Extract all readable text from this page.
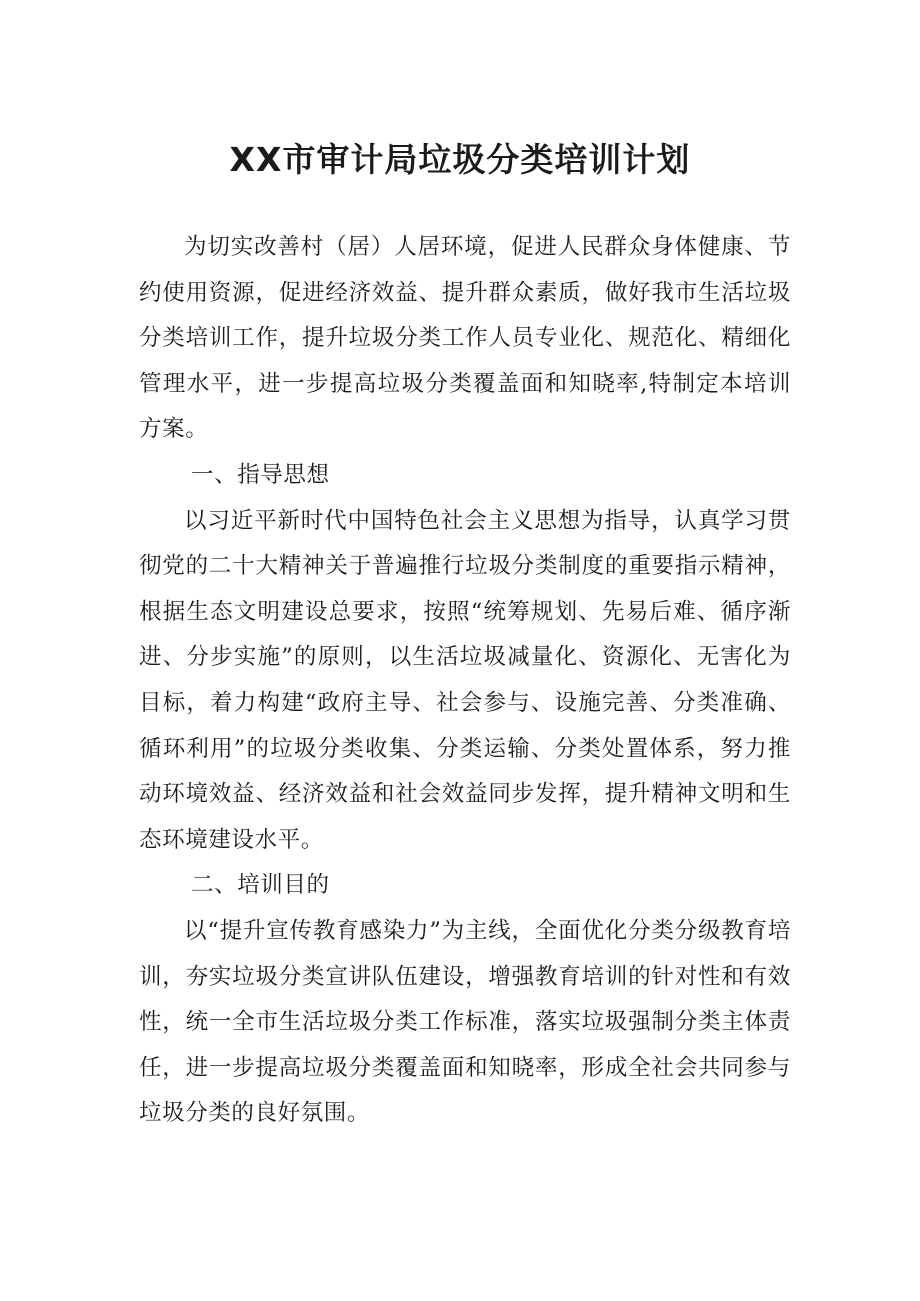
XX市审计局垃圾分类培训计划

为切实改善村（居）人居环境，促进人民群众身体健康、节约使用资源，促进经济效益、提升群众素质，做好我市生活垃圾分类培训工作，提升垃圾分类工作人员专业化、规范化、精细化管理水平，进一步提高垃圾分类覆盖面和知晓率,特制定本培训方案。

一、指导思想

以习近平新时代中国特色社会主义思想为指导，认真学习贯彻党的二十大精神关于普遍推行垃圾分类制度的重要指示精神，根据生态文明建设总要求，按照“统筹规划、先易后难、循序渐进、分步实施”的原则，以生活垃圾减量化、资源化、无害化为目标，着力构建“政府主导、社会参与、设施完善、分类准确、循环利用”的垃圾分类收集、分类运输、分类处置体系，努力推动环境效益、经济效益和社会效益同步发挥，提升精神文明和生态环境建设水平。

二、培训目的

以“提升宣传教育感染力”为主线，全面优化分类分级教育培训，夯实垃圾分类宣讲队伍建设，增强教育培训的针对性和有效性，统一全市生活垃圾分类工作标准，落实垃圾强制分类主体责任，进一步提高垃圾分类覆盖面和知晓率，形成全社会共同参与垃圾分类的良好氛围。
